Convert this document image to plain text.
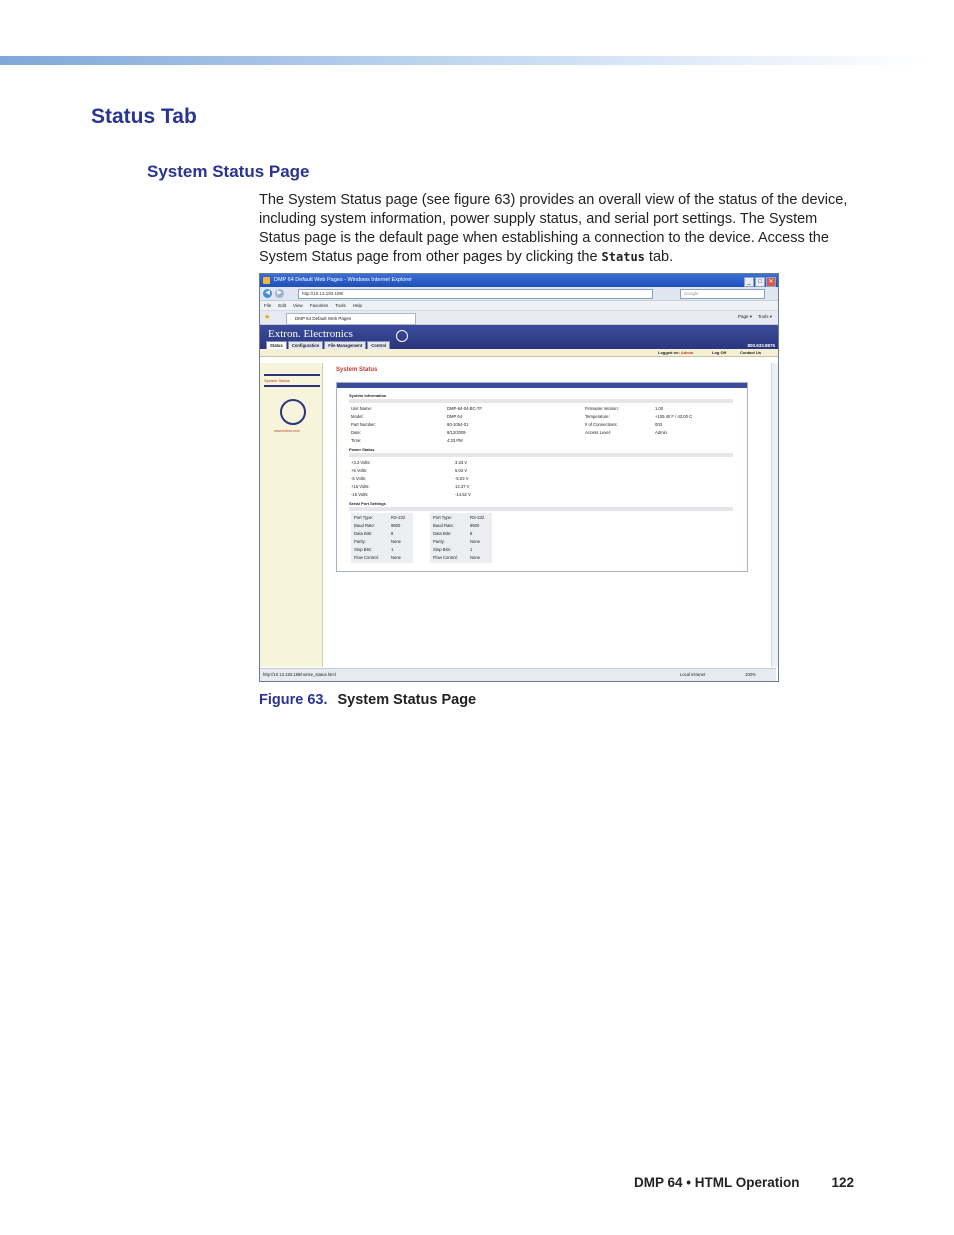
Status Tab
System Status Page

The System Status page (see figure 63) provides an overall view of the status of the device, including system information, power supply status, and serial port settings. The System Status page is the default page when establishing a connection to the device. Access the System Status page from other pages by clicking the Status tab.

DMP 64 Default Web Pages - Windows Internet Explorer	_ □ ✕
◀	▶	http://10.13.193.189/	Google
File Edit View Favorites Tools Help
★	DMP 64 Default Web Pages	Page ▾ Tools ▾
Extron. Electronics
800.633.9876
Status Configuration File Management Control
Logged on: Admin	Log Off	Contact Us
System Status
www.extron.com
System Status
System Information
Unit Name:	DMP-64-04-BC-7F	Firmware Version:	1.00
Model:	DMP 64	Temperature:	+109.40 F / 43.00 C
Part Number:	60-1054-01	# of Connections:	003
Date:	8/12/2009	Access Level:	Admin
Time:	4:33 PM
Power Status
+3.3 Volts:	3.33 V
+5 Volts:	5.03 V
-5 Volts:	-5.03 V
+15 Volts:	14.37 V
-15 Volts:	-14.52 V
Serial Port Settings
Port Type:	RS-232
Baud Rate:	9600
Data Bits:	8
Parity:	None
Stop Bits:	1
Flow Control:	None
Port Type:	RS-232
Baud Rate:	9600
Data Bits:	8
Parity:	None
Stop Bits:	1
Flow Control:	None
http://10.13.193.189/nortxe_status.html	Local intranet	100%
Figure 63. System Status Page
DMP 64 • HTML Operation 122
